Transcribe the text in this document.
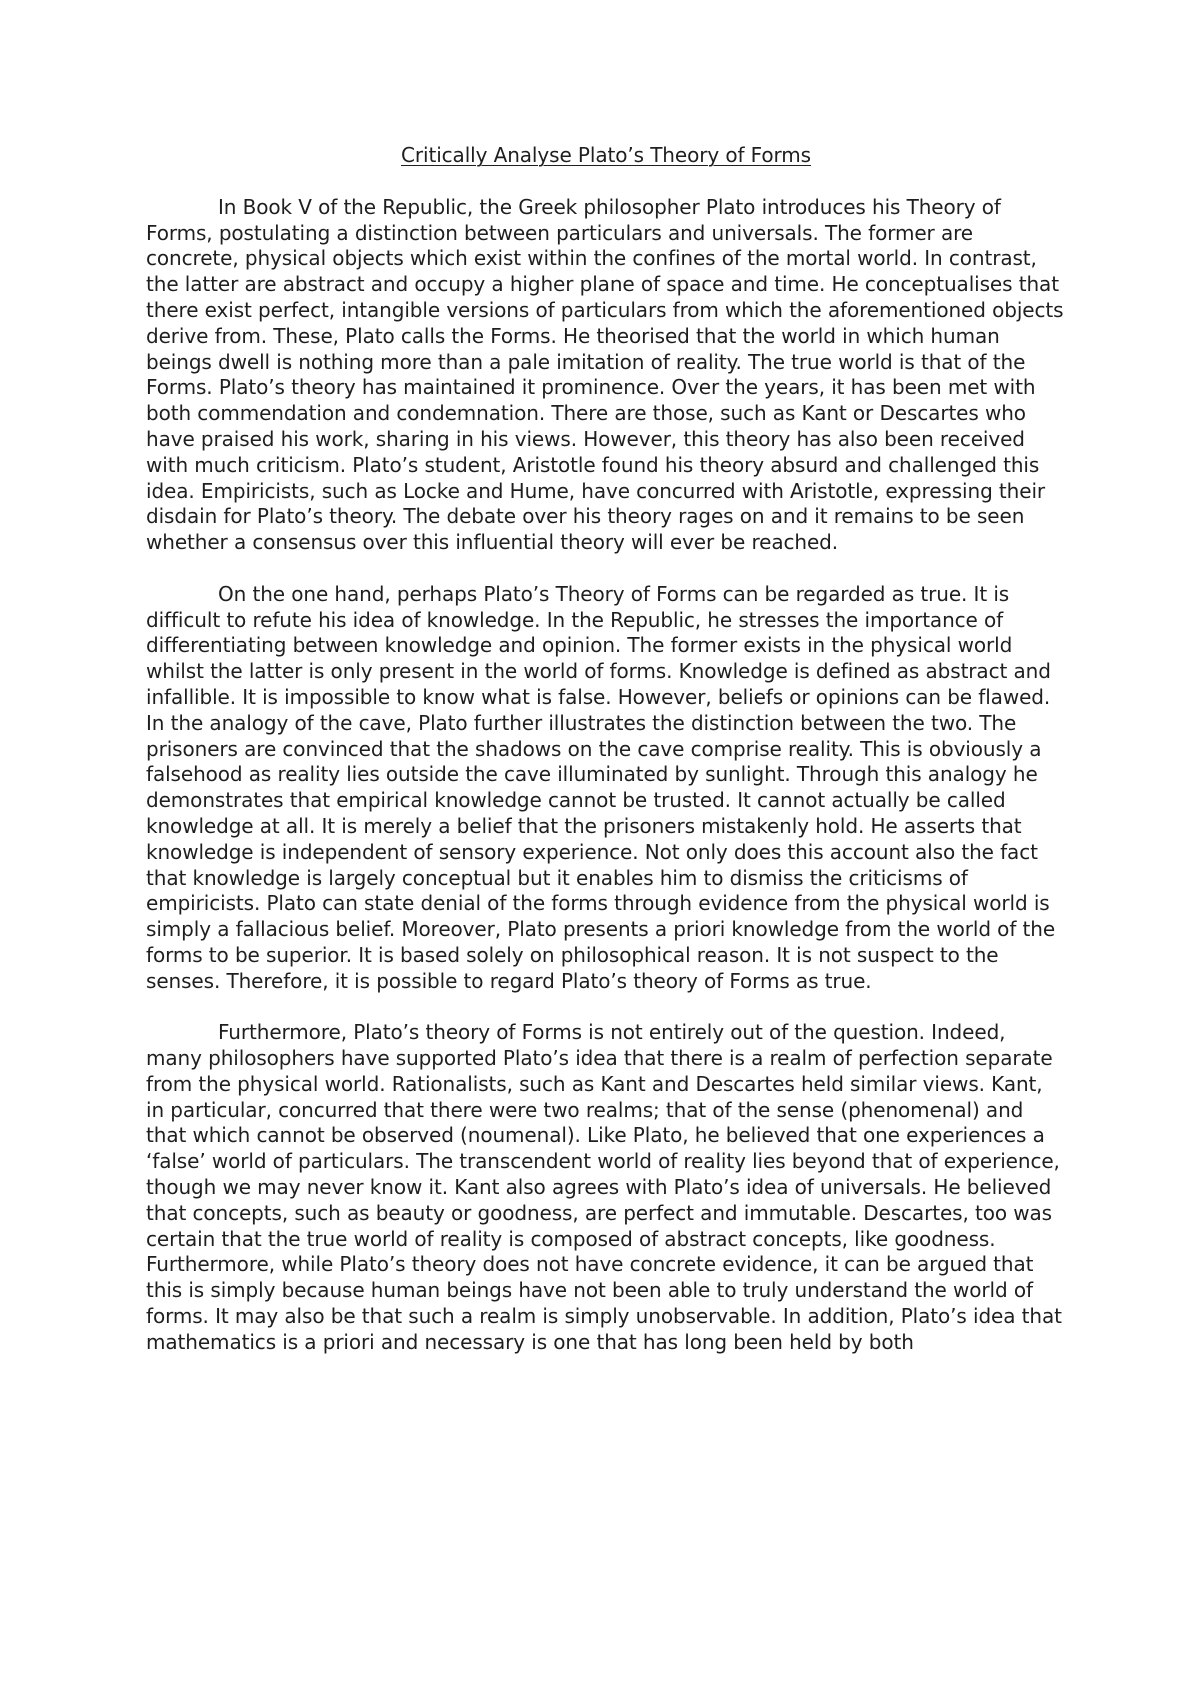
Critically Analyse Plato’s Theory of Forms

In Book V of the Republic, the Greek philosopher Plato introduces his Theory of Forms, postulating a distinction between particulars and universals. The former are concrete, physical objects which exist within the confines of the mortal world. In contrast, the latter are abstract and occupy a higher plane of space and time. He conceptualises that there exist perfect, intangible versions of particulars from which the aforementioned objects derive from. These, Plato calls the Forms. He theorised that the world in which human beings dwell is nothing more than a pale imitation of reality. The true world is that of the Forms. Plato’s theory has maintained it prominence. Over the years, it has been met with both commendation and condemnation. There are those, such as Kant or Descartes who have praised his work, sharing in his views. However, this theory has also been received with much criticism. Plato’s student, Aristotle found his theory absurd and challenged this idea. Empiricists, such as Locke and Hume, have concurred with Aristotle, expressing their disdain for Plato’s theory. The debate over his theory rages on and it remains to be seen whether a consensus over this influential theory will ever be reached.

On the one hand, perhaps Plato’s Theory of Forms can be regarded as true. It is difficult to refute his idea of knowledge. In the Republic, he stresses the importance of differentiating between knowledge and opinion. The former exists in the physical world whilst the latter is only present in the world of forms. Knowledge is defined as abstract and infallible. It is impossible to know what is false. However, beliefs or opinions can be flawed. In the analogy of the cave, Plato further illustrates the distinction between the two. The prisoners are convinced that the shadows on the cave comprise reality. This is obviously a falsehood as reality lies outside the cave illuminated by sunlight. Through this analogy he demonstrates that empirical knowledge cannot be trusted. It cannot actually be called knowledge at all. It is merely a belief that the prisoners mistakenly hold. He asserts that knowledge is independent of sensory experience. Not only does this account also the fact that knowledge is largely conceptual but it enables him to dismiss the criticisms of empiricists. Plato can state denial of the forms through evidence from the physical world is simply a fallacious belief. Moreover, Plato presents a priori knowledge from the world of the forms to be superior. It is based solely on philosophical reason. It is not suspect to the senses. Therefore, it is possible to regard Plato’s theory of Forms as true.

Furthermore, Plato’s theory of Forms is not entirely out of the question. Indeed, many philosophers have supported Plato’s idea that there is a realm of perfection separate from the physical world. Rationalists, such as Kant and Descartes held similar views. Kant, in particular, concurred that there were two realms; that of the sense (phenomenal) and that which cannot be observed (noumenal). Like Plato, he believed that one experiences a ‘false’ world of particulars. The transcendent world of reality lies beyond that of experience, though we may never know it. Kant also agrees with Plato’s idea of universals. He believed that concepts, such as beauty or goodness, are perfect and immutable. Descartes, too was certain that the true world of reality is composed of abstract concepts, like goodness. Furthermore, while Plato’s theory does not have concrete evidence, it can be argued that this is simply because human beings have not been able to truly understand the world of forms. It may also be that such a realm is simply unobservable. In addition, Plato’s idea that mathematics is a priori and necessary is one that has long been held by both
